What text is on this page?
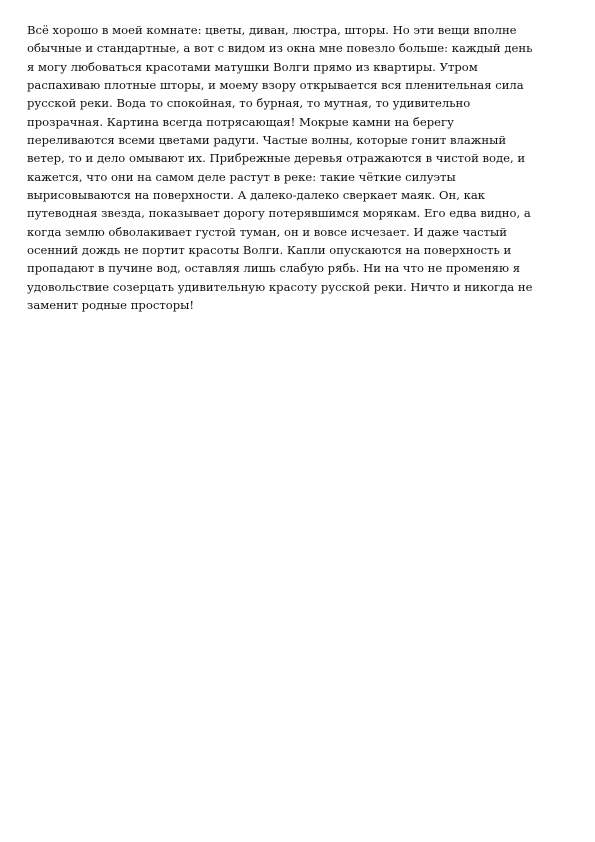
Всё хорошо в моей комнате: цветы, диван, люстра, шторы. Но эти вещи вполне
обычные и стандартные, а вот с видом из окна мне повезло больше: каждый день
я могу любоваться красотами матушки Волги прямо из квартиры. Утром
распахиваю плотные шторы, и моему взору открывается вся пленительная сила
русской реки. Вода то спокойная, то бурная, то мутная, то удивительно
прозрачная. Картина всегда потрясающая! Мокрые камни на берегу
переливаются всеми цветами радуги. Частые волны, которые гонит влажный
ветер, то и дело омывают их. Прибрежные деревья отражаются в чистой воде, и
кажется, что они на самом деле растут в реке: такие чёткие силуэты
вырисовываются на поверхности. А далеко-далеко сверкает маяк. Он, как
путеводная звезда, показывает дорогу потерявшимся морякам. Его едва видно, а
когда землю обволакивает густой туман, он и вовсе исчезает. И даже частый
осенний дождь не портит красоты Волги. Капли опускаются на поверхность и
пропадают в пучине вод, оставляя лишь слабую рябь. Ни на что не променяю я
удовольствие созерцать удивительную красоту русской реки. Ничто и никогда не
заменит родные просторы!
